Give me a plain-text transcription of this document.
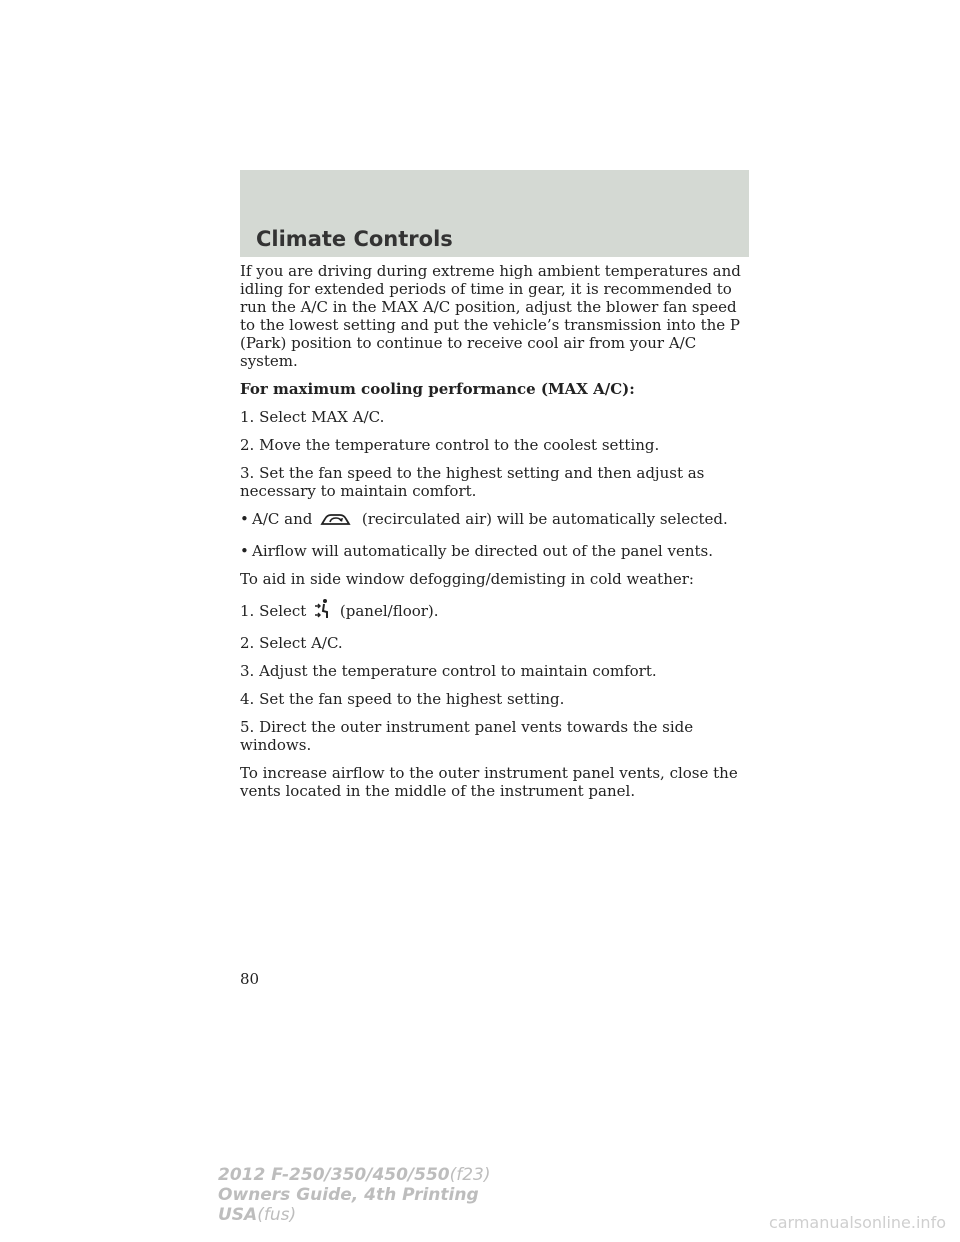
Climate Controls

If you are driving during extreme high ambient temperatures and idling for extended periods of time in gear, it is recommended to run the A/C in the MAX A/C position, adjust the blower fan speed to the lowest setting and put the vehicle’s transmission into the P (Park) position to continue to receive cool air from your A/C system.

For maximum cooling performance (MAX A/C):

1. Select MAX A/C.

2. Move the temperature control to the coolest setting.

3. Set the fan speed to the highest setting and then adjust as necessary to maintain comfort.

• A/C and	(recirculated air) will be automatically selected.

• Airflow will automatically be directed out of the panel vents.

To aid in side window defogging/demisting in cold weather:

1. Select (panel/floor).

2. Select A/C.

3. Adjust the temperature control to maintain comfort.

4. Set the fan speed to the highest setting.

5. Direct the outer instrument panel vents towards the side windows.

To increase airflow to the outer instrument panel vents, close the vents located in the middle of the instrument panel.

80
2012 F-250/350/450/550(f23)
Owners Guide, 4th Printing
USA(fus)	carmanualsonline.info
